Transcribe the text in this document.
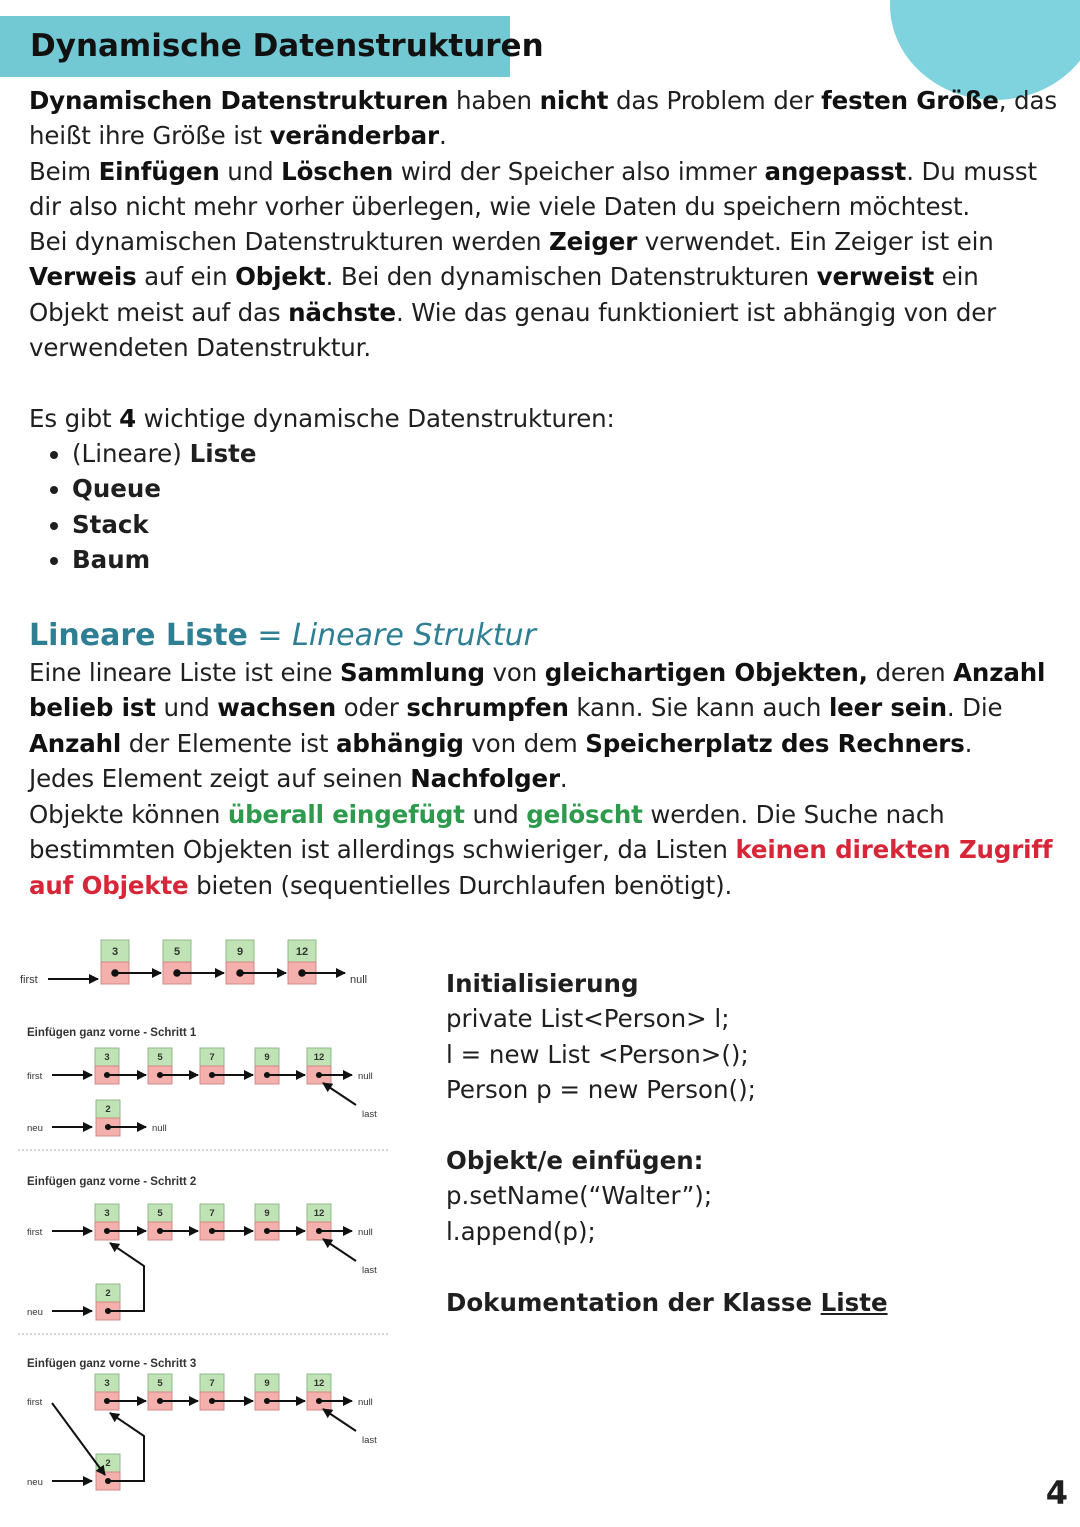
Dynamische Datenstrukturen

Dynamischen Datenstrukturen haben nicht das Problem der festen Größe, das heißt ihre Größe ist veränderbar.

Beim Einfügen und Löschen wird der Speicher also immer angepasst. Du musst dir also nicht mehr vorher überlegen, wie viele Daten du speichern möchtest.

Bei dynamischen Datenstrukturen werden Zeiger verwendet. Ein Zeiger ist ein Verweis auf ein Objekt. Bei den dynamischen Datenstrukturen verweist ein Objekt meist auf das nächste. Wie das genau funktioniert ist abhängig von der verwendeten Datenstruktur.

Es gibt 4 wichtige dynamische Datenstrukturen:

• (Lineare) Liste
• Queue
• Stack
• Baum
Lineare Liste = Lineare Struktur

Eine lineare Liste ist eine Sammlung von gleichartigen Objekten, deren Anzahl belieb ist und wachsen oder schrumpfen kann. Sie kann auch leer sein. Die Anzahl der Elemente ist abhängig von dem Speicherplatz des Rechners.

Jedes Element zeigt auf seinen Nachfolger.

Objekte können überall eingefügt und gelöscht werden. Die Suche nach bestimmten Objekten ist allerdings schwieriger, da Listen keinen direkten Zugriff auf Objekte bieten (sequentielles Durchlaufen benötigt).

first
3	5	9	12
null
Einfügen ganz vorne - Schritt 1
first
3	5	7	9	12
null
last
2
neu	null
Einfügen ganz vorne - Schritt 2
first
3	5	7	9	12
null
last
2
neu
Einfügen ganz vorne - Schritt 3
first
3	5	7	9	12
null
last
2
neu
Initialisierung
private List<Person> l;
l = new List <Person>();
Person p = new Person();
Objekt/e einfügen:
p.setName(“Walter”);
l.append(p);
Dokumentation der Klasse Liste
4
